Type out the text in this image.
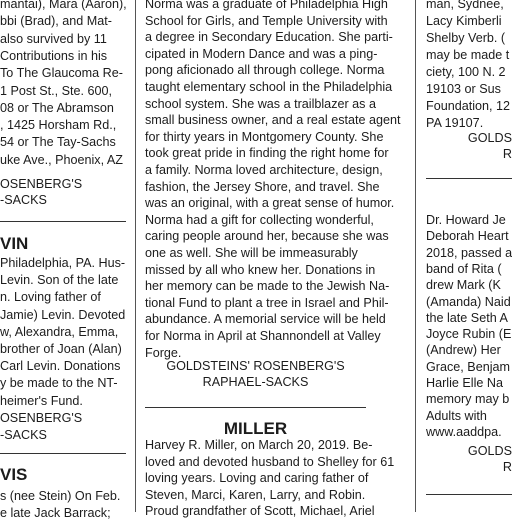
mantai), Mara (Aaron),
bbi (Brad), and Mat-
also survived by 11
Contributions in his
To The Glaucoma Re-
1 Post St., Ste. 600,
08 or The Abramson
, 1425 Horsham Rd.,
54 or The Tay-Sachs
uke Ave., Phoenix, AZ
OSENBERG'S
-SACKS
VIN
Philadelphia, PA. Hus-
Levin. Son of the late
n. Loving father of
Jamie) Levin. Devoted
w, Alexandra, Emma,
brother of Joan (Alan)
Carl Levin. Donations
y be made to the NT-
heimer's Fund.
OSENBERG'S
-SACKS
VIS
s (nee Stein) On Feb.
e late Jack Barrack;
Norma was a graduate of Philadelphia High
School for Girls, and Temple University with
a degree in Secondary Education. She parti-
cipated in Modern Dance and was a ping-
pong aficionado all through college. Norma
taught elementary school in the Philadelphia
school system. She was a trailblazer as a
small business owner, and a real estate agent
for thirty years in Montgomery County. She
took great pride in finding the right home for
a family. Norma loved architecture, design,
fashion, the Jersey Shore, and travel. She
was an original, with a great sense of humor.
Norma had a gift for collecting wonderful,
caring people around her, because she was
one as well. She will be immeasurably
missed by all who knew her. Donations in
her memory can be made to the Jewish Na-
tional Fund to plant a tree in Israel and Phil-
abundance. A memorial service will be held
for Norma in April at Shannondell at Valley
Forge.
GOLDSTEINS' ROSENBERG'S
RAPHAEL-SACKS
MILLER
Harvey R. Miller, on March 20, 2019. Be-
loved and devoted husband to Shelley for 61
loving years. Loving and caring father of
Steven, Marci, Karen, Larry, and Robin.
Proud grandfather of Scott, Michael, Ariel
man, Sydnee,
Lacy Kimberli
Shelby Verb. (
may be made t
ciety, 100 N. 2
19103 or Sus
Foundation, 12
PA 19107.
GOLDS
R
Dr. Howard Je
Deborah Heart
2018, passed a
band of Rita (
drew Mark (K
(Amanda) Naid
the late Seth A
Joyce Rubin (E
(Andrew) Her
Grace, Benjam
Harlie Elle Na
memory may b
Adults with
www.aaddpa.
GOLDS
R
